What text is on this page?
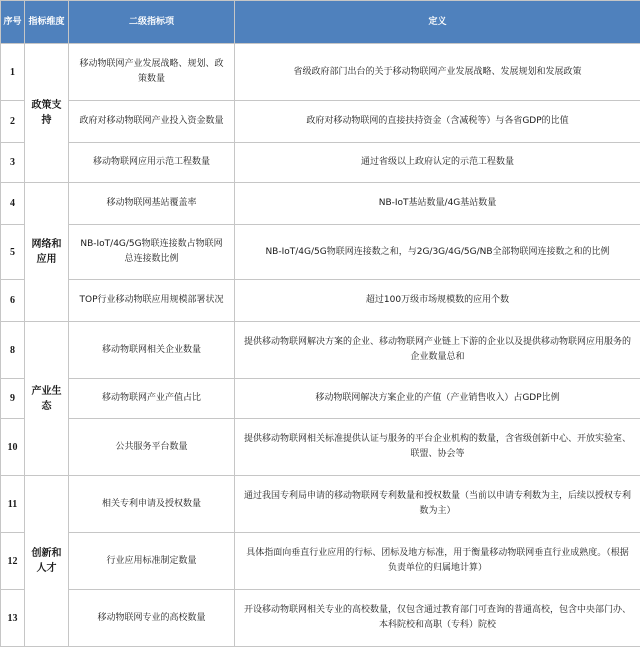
序号	指标维度	二级指标项	定义
1	政策支持	移动物联网产业发展战略、规划、政策数量	省级政府部门出台的关于移动物联网产业发展战略、发展规划和发展政策
2		政府对移动物联网产业投入资金数量	政府对移动物联网的直接扶持资金（含减税等）与各省GDP的比值
3		移动物联网应用示范工程数量	通过省级以上政府认定的示范工程数量
4	网络和应用	移动物联网基站覆盖率	NB-IoT基站数量/4G基站数量
5		NB-IoT/4G/5G物联连接数占物联网总连接数比例	NB-IoT/4G/5G物联网连接数之和，与2G/3G/4G/5G/NB全部物联网连接数之和的比例
6		TOP行业移动物联应用规模部署状况	超过100万级市场规模数的应用个数
8	产业生态	移动物联网相关企业数量	提供移动物联网解决方案的企业、移动物联网产业链上下游的企业以及提供移动物联网应用服务的企业数量总和
9		移动物联网产业产值占比	移动物联网解决方案企业的产值（产业销售收入）占GDP比例
10		公共服务平台数量	提供移动物联网相关标准提供认证与服务的平台企业机构的数量，含省级创新中心、开放实验室、联盟、协会等
11	创新和人才	相关专利申请及授权数量	通过我国专利局申请的移动物联网专利数量和授权数量（当前以申请专利数为主，后续以授权专利数为主）
12		行业应用标准制定数量	具体指面向垂直行业应用的行标、团标及地方标准，用于衡量移动物联网垂直行业成熟度。（根据负责单位的归属地计算）
13		移动物联网专业的高校数量	开设移动物联网相关专业的高校数量，仅包含通过教育部门可查询的普通高校，包含中央部门办、本科院校和高职（专科）院校
